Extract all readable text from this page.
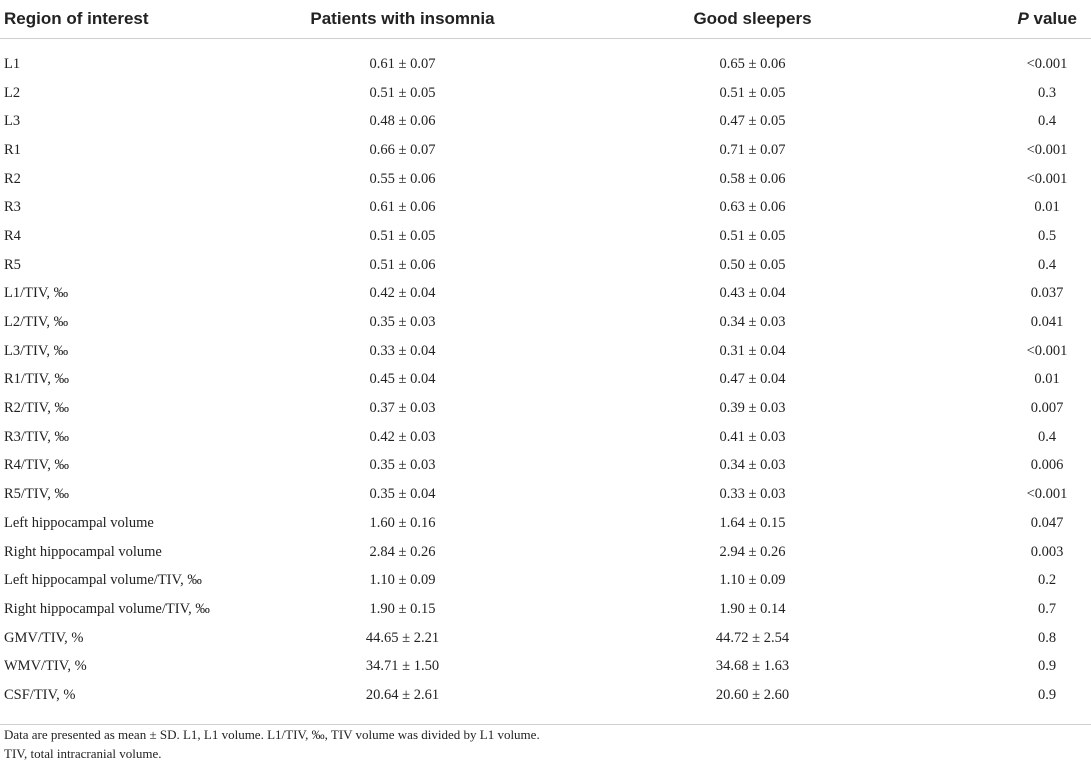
Region of interest	Patients with insomnia	Good sleepers	P value

L1	0.61 ± 0.07	0.65 ± 0.06	<0.001
L2	0.51 ± 0.05	0.51 ± 0.05	0.3
L3	0.48 ± 0.06	0.47 ± 0.05	0.4
R1	0.66 ± 0.07	0.71 ± 0.07	<0.001
R2	0.55 ± 0.06	0.58 ± 0.06	<0.001
R3	0.61 ± 0.06	0.63 ± 0.06	0.01
R4	0.51 ± 0.05	0.51 ± 0.05	0.5
R5	0.51 ± 0.06	0.50 ± 0.05	0.4
L1/TIV, ‰	0.42 ± 0.04	0.43 ± 0.04	0.037
L2/TIV, ‰	0.35 ± 0.03	0.34 ± 0.03	0.041
L3/TIV, ‰	0.33 ± 0.04	0.31 ± 0.04	<0.001
R1/TIV, ‰	0.45 ± 0.04	0.47 ± 0.04	0.01
R2/TIV, ‰	0.37 ± 0.03	0.39 ± 0.03	0.007
R3/TIV, ‰	0.42 ± 0.03	0.41 ± 0.03	0.4
R4/TIV, ‰	0.35 ± 0.03	0.34 ± 0.03	0.006
R5/TIV, ‰	0.35 ± 0.04	0.33 ± 0.03	<0.001
Left hippocampal volume	1.60 ± 0.16	1.64 ± 0.15	0.047
Right hippocampal volume	2.84 ± 0.26	2.94 ± 0.26	0.003
Left hippocampal volume/TIV, ‰	1.10 ± 0.09	1.10 ± 0.09	0.2
Right hippocampal volume/TIV, ‰	1.90 ± 0.15	1.90 ± 0.14	0.7
GMV/TIV, %	44.65 ± 2.21	44.72 ± 2.54	0.8
WMV/TIV, %	34.71 ± 1.50	34.68 ± 1.63	0.9
CSF/TIV, %	20.64 ± 2.61	20.60 ± 2.60	0.9

Data are presented as mean ± SD. L1, L1 volume. L1/TIV, ‰, TIV volume was divided by L1 volume.
TIV, total intracranial volume.
